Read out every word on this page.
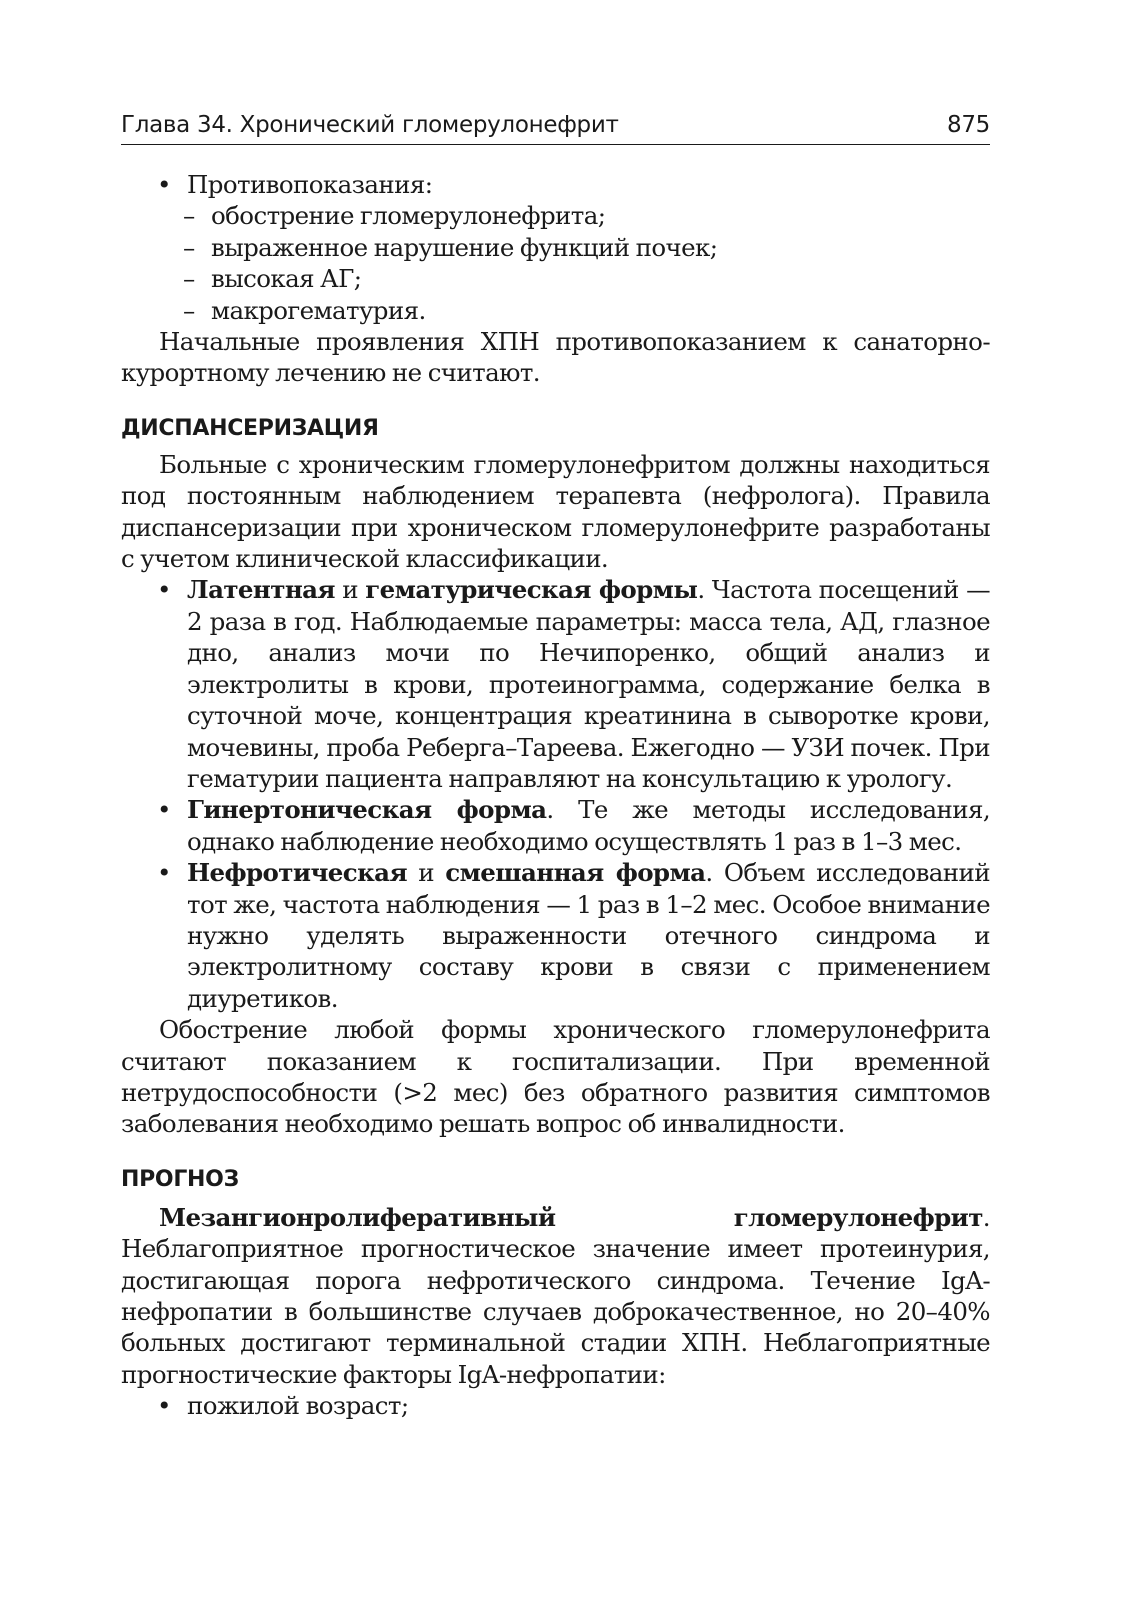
Глава 34. Хронический гломерулонефрит	875
• Противопоказания:
– обострение гломерулонефрита;
– выраженное нарушение функций почек;
– высокая АГ;
– макрогематурия.

Начальные проявления ХПН противопоказанием к санаторно-курортному лечению не считают.

ДИСПАНСЕРИЗАЦИЯ

Больные с хроническим гломерулонефритом должны находиться под постоянным наблюдением терапевта (нефролога). Правила диспансеризации при хроническом гломерулонефрите разработаны с учетом клинической классификации.

• Латентная и гематурическая формы. Частота посещений — 2 раза в год. Наблюдаемые параметры: масса тела, АД, глазное дно, анализ мочи по Нечипоренко, общий анализ и электролиты в крови, протеинограмма, содержание белка в суточной моче, концентрация креатинина в сыворотке крови, мочевины, проба Реберга–Тареева. Ежегодно — УЗИ почек. При гематурии пациента направляют на консультацию к урологу.
• Гинертоническая форма. Те же методы исследования, однако наблюдение необходимо осуществлять 1 раз в 1–3 мес.
• Нефротическая и смешанная форма. Объем исследований тот же, частота наблюдения — 1 раз в 1–2 мес. Особое внимание нужно уделять выраженности отечного синдрома и электролитному составу крови в связи с применением диуретиков.

Обострение любой формы хронического гломерулонефрита считают показанием к госпитализации. При временной нетрудоспособности (>2 мес) без обратного развития симптомов заболевания необходимо решать вопрос об инвалидности.

ПРОГНОЗ

Мезангионролиферативный гломерулонефрит. Неблагоприятное прогностическое значение имеет протеинурия, достигающая порога нефротического синдрома. Течение IgA-нефропатии в большинстве случаев доброкачественное, но 20–40% больных достигают терминальной стадии ХПН. Неблагоприятные прогностические факторы IgA-нефропатии:

• пожилой возраст;
